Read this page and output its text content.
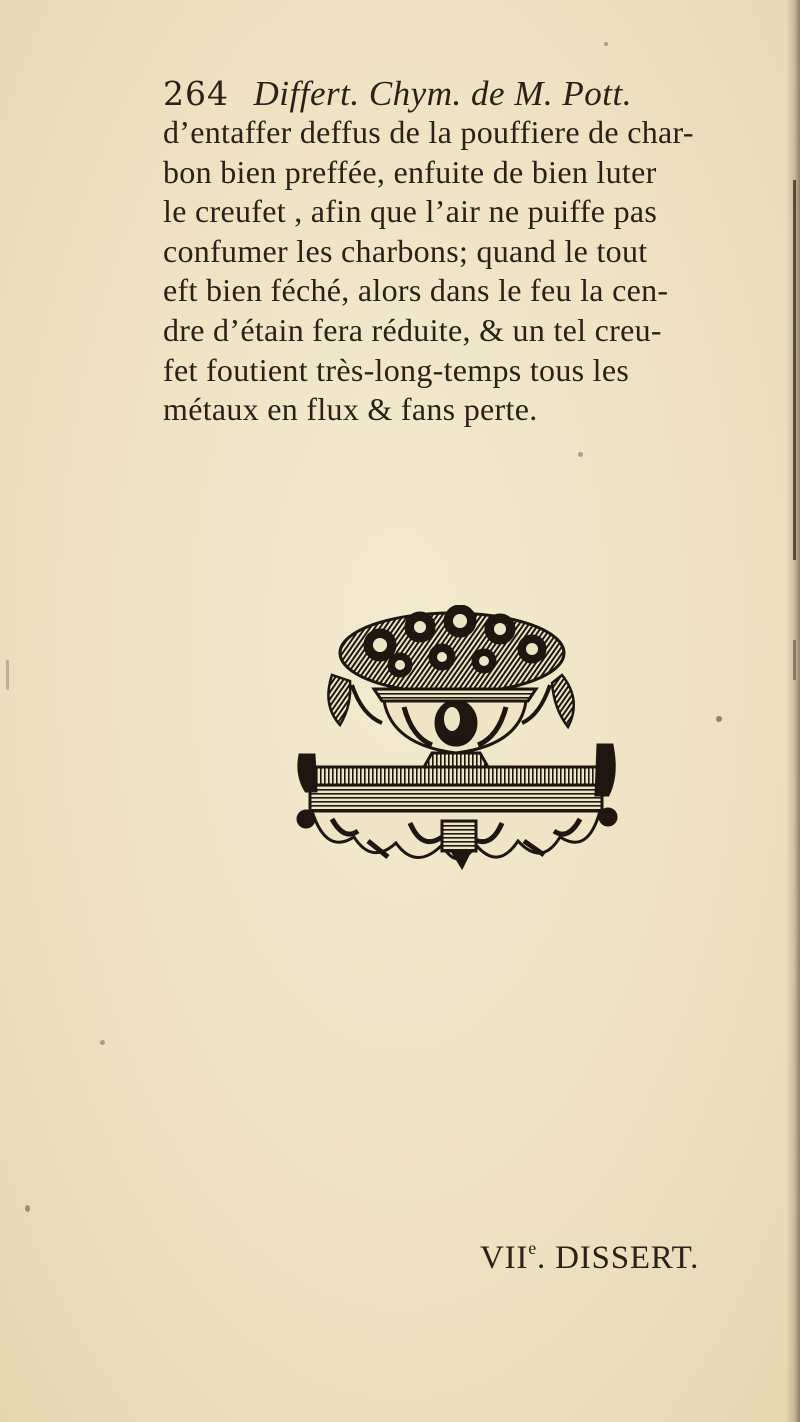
264 Differt. Chym. de M. Pott.
d’entaffer deffus de la pouffiere de char-
bon bien preffée, enfuite de bien luter
le creufet , afin que l’air ne puiffe pas
confumer les charbons; quand le tout
eft bien féché, alors dans le feu la cen-
dre d’étain fera réduite, & un tel creu-
fet foutient très-long-temps tous les
métaux en flux & fans perte.
VIIe. DISSERT.
